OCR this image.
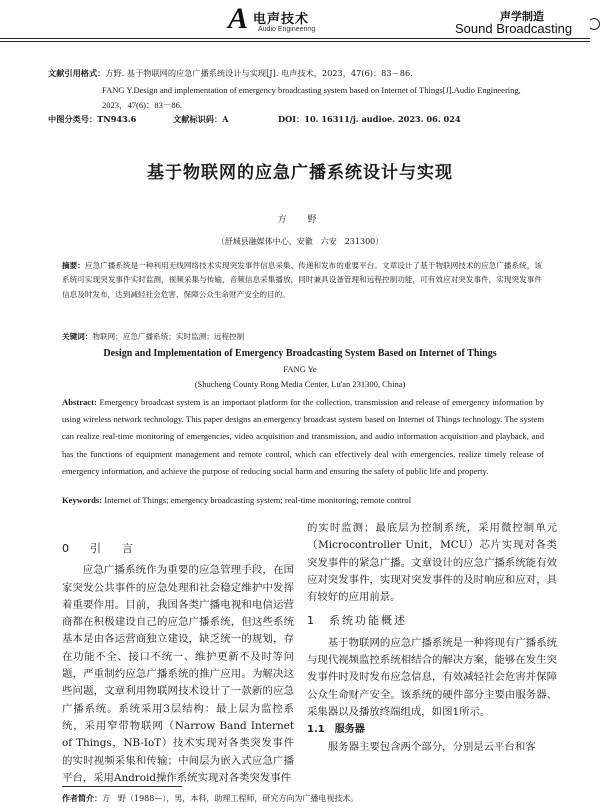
A 电声技术
Audio Engineering
声学制造
Sound Broadcasting
文献引用格式：方野. 基于物联网的应急广播系统设计与实现[J]. 电声技术，2023，47(6)：83－86.
FANG Y.Design and implementation of emergency broadcasting system based on Internet of Things[J].Audio Engineering,
2023，47(6)：83－86.
中图分类号：TN943.6	文献标识码：A	DOI：10. 16311/j. audioe. 2023. 06. 024
基于物联网的应急广播系统设计与实现
方　野
（舒城县融媒体中心，安徽　六安　231300）
摘要：应急广播系统是一种利用无线网络技术实现突发事件信息采集、传递和发布的重要平台。文章设计了基于物联网技术的应急广播系统，该系统可实现突发事件实时监测，视频采集与传输，音频信息采集播放，同时兼具设备管理和远程控制功能，可有效应对突发事件，实现突发事件信息及时发布，达到减轻社会危害、保障公众生命财产安全的目的。
关键词：物联网；应急广播系统；实时监测；远程控制
Design and Implementation of Emergency Broadcasting System Based on Internet of Things
FANG Ye
(Shucheng County Rong Media Center, Lu'an 231300, China)
Abstract: Emergency broadcast system is an important platform for the collection, transmission and release of emergency information by using wireless network technology. This paper designs an emergency broadcast system based on Internet of Things technology. The system can realize real-time monitoring of emergencies, video acquisition and transmission, and audio information acquisition and playback, and has the functions of equipment management and remote control, which can effectively deal with emergencies, realize timely release of emergency information, and achieve the purpose of reducing social harm and ensuring the safety of public life and property.
Keywords: Internet of Things; emergency broadcasting system; real-time monitoring; remote control
0　引　言

应急广播系统作为重要的应急管理手段，在国家突发公共事件的应急处理和社会稳定维护中发挥着重要作用。目前，我国各类广播电视和电信运营商都在积极建设自己的应急广播系统，但这些系统基本是由各运营商独立建设，缺乏统一的规划，存在功能不全、接口不统一、维护更新不及时等问题，严重制约应急广播系统的推广应用。为解决这些问题，文章利用物联网技术设计了一款新的应急广播系统。系统采用3层结构：最上层为监控系统，采用窄带物联网（Narrow Band Internet of Things，NB-IoT）技术实现对各类突发事件的实时视频采集和传输；中间层为嵌入式应急广播平台，采用Android操作系统实现对各类突发事件

的实时监测；最底层为控制系统，采用微控制单元（Microcontroller Unit，MCU）芯片实现对各类突发事件的紧急广播。文章设计的应急广播系统能有效应对突发事件，实现对突发事件的及时响应和应对，具有较好的应用前景。
1　系统功能概述

基于物联网的应急广播系统是一种将现有广播系统与现代视频监控系统相结合的解决方案，能够在发生突发事件时及时发布应急信息，有效减轻社会危害并保障公众生命财产安全。该系统的硬件部分主要由服务器、采集器以及播放终端组成，如图1所示。

1.1　服务器

服务器主要包含两个部分，分别是云平台和客

作者简介：方　野（1988—），男，本科，助理工程师，研究方向为广播电视技术。
